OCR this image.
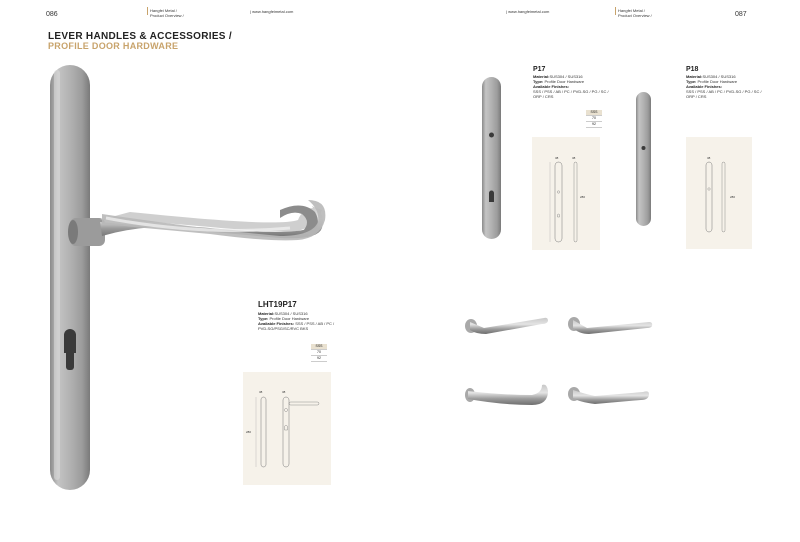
086
Hangfei Metal /
Product Overview /
| www.hangfeimetal.com
LEVER HANDLES & ACCESSORIES /
PROFILE DOOR HARDWARE
LHT19P17
Material:SUS304 / SUS316
Type: Profile Door Hardware
Available Finishes: SSS / PSS / AB / PC / PVD-SG/PSG/SC/RVC BKS
SSS
70
92
38	38
280
| www.hangfeimetal.com	Hangfei Metal /
Product Overview /	087
P17
Material:SUS304 / SUS316
Type: Profile Door Hardware
Available Finishes:
SSS / PSS / AB / PC / PVD-SG / PG / SC / ORP / CRS
SSS
70
92
38	38
280
P18
Material:SUS304 / SUS316
Type: Profile Door Hardware
Available Finishes:
SSS / PSS / AB / PC / PVD-SG / PG / SC / ORP / CRS
38
280
